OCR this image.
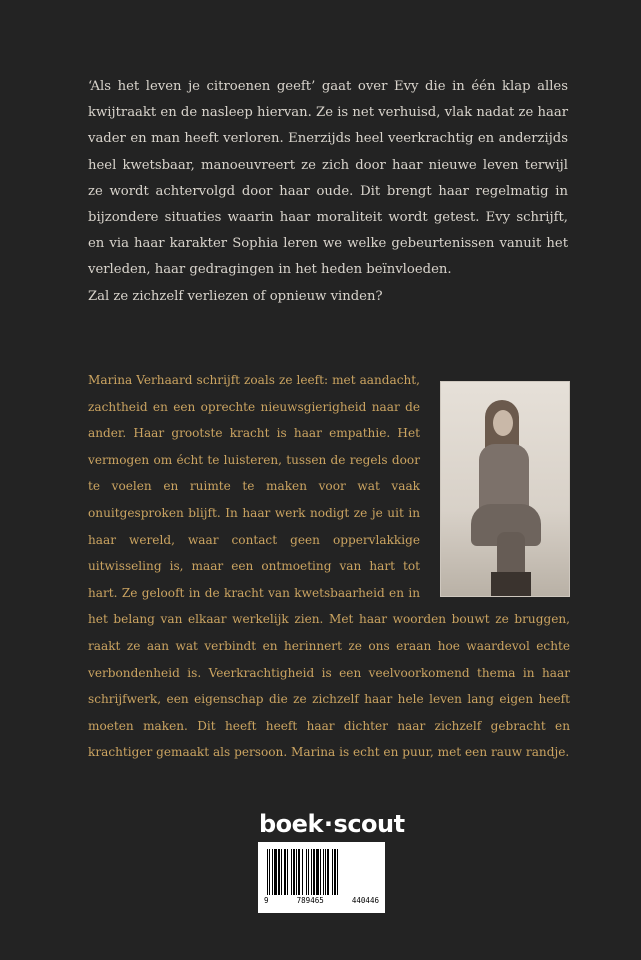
‘Als het leven je citroenen geeft’ gaat over Evy die in één klap alles kwijtraakt en de nasleep hiervan. Ze is net verhuisd, vlak nadat ze haar vader en man heeft verloren. Enerzijds heel veerkrachtig en anderzijds heel kwetsbaar, manoeuvreert ze zich door haar nieuwe leven terwijl ze wordt achtervolgd door haar oude. Dit brengt haar regelmatig in bijzondere situaties waarin haar moraliteit wordt getest. Evy schrijft, en via haar karakter Sophia leren we welke gebeurtenissen vanuit het verleden, haar gedragingen in het heden beïnvloeden.

Zal ze zichzelf verliezen of opnieuw vinden?

Marina Verhaard schrijft zoals ze leeft: met aandacht, zachtheid en een oprechte nieuwsgierigheid naar de ander. Haar grootste kracht is haar empathie. Het vermogen om écht te luisteren, tussen de regels door te voelen en ruimte te maken voor wat vaak onuitgesproken blijft. In haar werk nodigt ze je uit in haar wereld, waar contact geen oppervlakkige uitwisseling is, maar een ontmoeting van hart tot hart. Ze gelooft in de kracht van kwetsbaarheid en in het belang van elkaar werkelijk zien. Met haar woorden bouwt ze bruggen, raakt ze aan wat verbindt en herinnert ze ons eraan hoe waardevol echte verbondenheid is. Veerkrachtigheid is een veelvoorkomend thema in haar schrijfwerk, een eigenschap die ze zichzelf haar hele leven lang eigen heeft moeten maken. Dit heeft heeft haar dichter naar zichzelf gebracht en krachtiger gemaakt als persoon. Marina is echt en puur, met een rauw randje.
boek·scout
9	789465	440446
